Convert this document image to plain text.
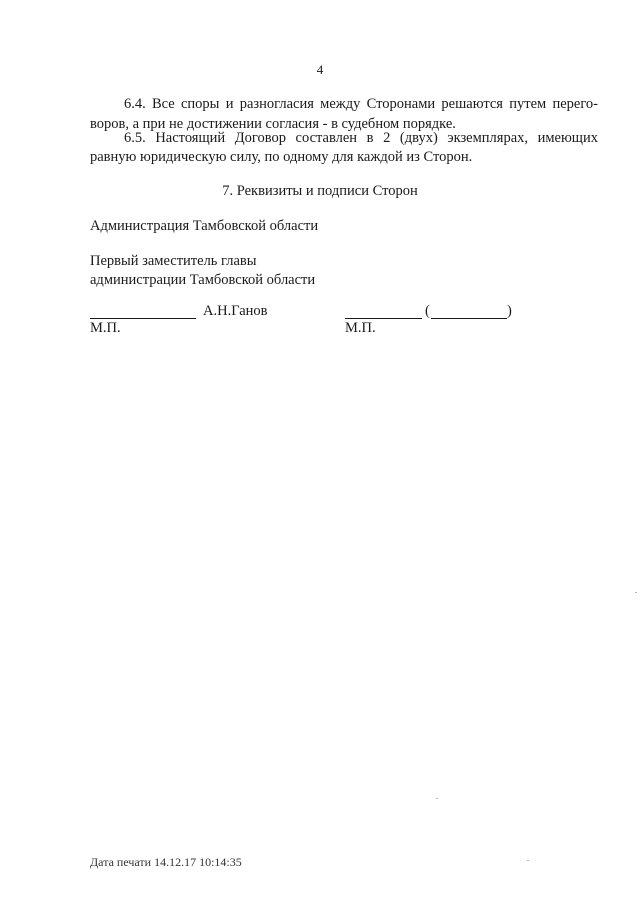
4
6.4. Все споры и разногласия между Сторонами решаются путем перего-
воров, а при не достижении согласия - в судебном порядке.
6.5. Настоящий Договор составлен в 2 (двух) экземплярах, имеющих
равную юридическую силу, по одному для каждой из Сторон.
7. Реквизиты и подписи Сторон
Администрация Тамбовской области
Первый заместитель главы
администрации Тамбовской области
А.Н.Ганов	(	)
М.П.	М.П.
Дата печати 14.12.17 10:14:35
